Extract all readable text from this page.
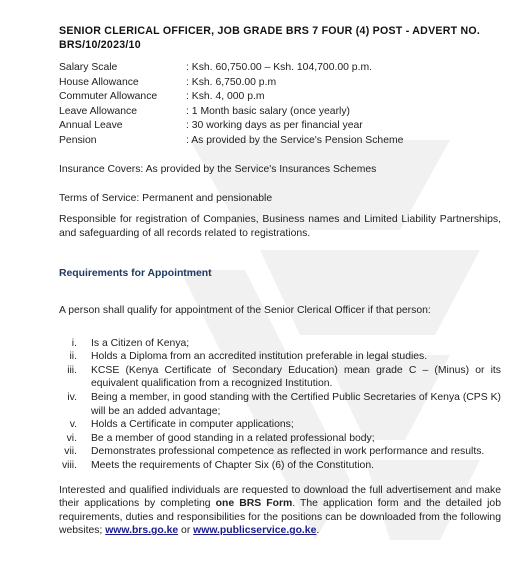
SENIOR CLERICAL OFFICER, JOB GRADE BRS 7 FOUR (4) POST - ADVERT NO. BRS/10/2023/10

Salary Scale	: Ksh. 60,750.00 – Ksh. 104,700.00 p.m.
House Allowance	: Ksh. 6,750.00 p.m
Commuter Allowance	: Ksh. 4, 000 p.m
Leave Allowance	: 1 Month basic salary (once yearly)
Annual Leave	: 30 working days as per financial year
Pension	: As provided by the Service's Pension Scheme

Insurance Covers: As provided by the Service's Insurances Schemes

Terms of Service: Permanent and pensionable

Responsible for registration of Companies, Business names and Limited Liability Partnerships, and safeguarding of all records related to registrations.

Requirements for Appointment

A person shall qualify for appointment of the Senior Clerical Officer if that person:

i. Is a Citizen of Kenya;
ii. Holds a Diploma from an accredited institution preferable in legal studies.
iii. KCSE (Kenya Certificate of Secondary Education) mean grade C – (Minus) or its equivalent qualification from a recognized Institution.
iv. Being a member, in good standing with the Certified Public Secretaries of Kenya (CPS K) will be an added advantage;
v. Holds a Certificate in computer applications;
vi. Be a member of good standing in a related professional body;
vii. Demonstrates professional competence as reflected in work performance and results.
viii. Meets the requirements of Chapter Six (6) of the Constitution.

Interested and qualified individuals are requested to download the full advertisement and make their applications by completing one BRS Form. The application form and the detailed job requirements, duties and responsibilities for the positions can be downloaded from the following websites; www.brs.go.ke or www.publicservice.go.ke.
